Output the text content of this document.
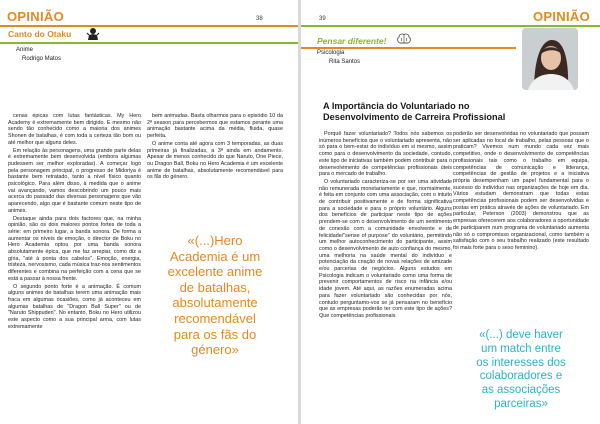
OPINIÃO	38
Canto do Otaku
Anime
Rodrigo Matos

cenas épicas com lutas fantásticas. My Hero Academy é extremamente bem dirigido. E mesmo não sendo tão conhecido como a maioria dos animes Shonen de batalhas, é com toda a certeza tão bom ou até melhor que alguns deles.

Em relação às personagens, uma grande parte delas é extremamente bem desenvolvida (embora algumas pudessem ser melhor exploradas). A começar logo pela personagem principal, o progresso de Midoriya é bastante bem retratado, tanto a nível físico quanto psicológico. Para além disso, à medida que o anime vai avançando, vamos descobrindo um pouco mais acerca do passado das diversas personagens que vão aparecendo, algo que é bastante comum neste tipo de animes.

Destaque ainda para dois factores que, na minha opinião, são os dois maiores pontos fortes de toda a série: em primeiro lugar, a banda sonora. De forma a aumentar os níveis de emoção, o director de Boku no Hero Academia optou por uma banda sonora absolutamente épica, que me faz arrepiar, como diz a gíria, "até à ponta dos cabelos". Emoção, energia, tristeza, nervosismo, cada música traz-nos sentimentos diferentes e combina na perfeição com a cena que se está a passar à nossa frente.

O segundo ponto forte é a animação. É comum alguns animes de batalhas terem uma animação mais fraca em algumas ocasiões, como já aconteceu em algumas batalhas de "Dragon Ball Super" ou de "Naruto Shippuden". No entanto, Boku no Hero utilizou este aspecto como a sua principal arma, com lutas extremamente

bem animadas. Basta olharmos para o episódio 10 da 2ª season para percebermos que estamos perante uma animação bastante acima da média, fluida, quase perfeita.

O anime conta até agora com 3 temporadas, as duas primeiras já finalizadas, a 3ª ainda em andamento. Apesar de menos conhecido do que Naruto, One Piece, ou Dragon Ball, Boku no Hero Academia é um excelente anime de batalhas, absolutamente recomendável para os fãs do género.

«(...)Hero
Academia é um
excelente anime
de batalhas,
absolutamente
recomendável
para os fãs do
género»
39	OPINIÃO
Pensar diferente!
Psicologia
Rita Santos
A Importância do Voluntariado no
Desenvolvimento de Carreira Profissional

Porquê fazer voluntariado? Todos nós sabemos os inúmeros benefícios que o voluntariado apresenta, não só para o bem-estar do indivíduo em si mesmo, assim como para o desenvolvimento da sociedade, contudo, este tipo de iniciativas também podem contribuir para o desenvolvimento de competências profissionais úteis para o mercado de trabalho.

O voluntariado caracteriza-se por ser uma atividade não remunerada monetariamente e que, normalmente, é feita em conjunto com uma associação, com o intuito de contribuir positivamente e de forma significativa para a sociedade e para o próprio voluntário. Alguns dos benefícios de participar neste tipo de ações prendem-se com o desenvolvimento de um sentimento de conexão com a comunidade envolvente e de felicidade/"sense of purpose" do voluntário, permitindo um melhor autoconhecimento do participante, assim como o desenvolvimento de auto confiança do mesmo, uma melhoria na saúde mental do indivíduo e potenciação da criação de novas relações de amizade e/ou parcerias de negócios. Alguns estudos em Psicologia indicam o voluntariado como uma forma de prevenir comportamentos de risco na infância e/ou idade jovem. Até aqui, as razões enumeradas acima para fazer voluntariado são conhecidas por nós, contudo perguntamo-vos se já pensaram no benefício que as empresas poderão ter com este tipo de ações? Que competências profissionais

poderão ser desenvolvidas no voluntariado que possam ser aplicadas no local de trabalho, pelas pessoas que o praticam? Vivemos num mundo cada vez mais competitivo, onde o desenvolvimento de competências profissionais tais como o trabalho em equipa, competências de comunicação e liderança, competências de gestão de projetos e a iniciativa própria desempenham um papel fundamental para o sucesso do indivíduo nas organizações de hoje em dia. Vários estudam demonstram que todas estas competências profissionais podem ser desenvolvidas e postas em prática através de ações de voluntariado. Em particular, Peterson (2003) demonstrou que as empresas oferecerem aos colaboradores a oportunidade de participarem num programa de voluntariado aumenta não só o compromisso organizacional, como também a satisfação com o seu trabalho realizado (este resultado foi mais forte para o sexo feminino).

«(...) deve haver
um match entre
os interesses dos
colaboradores e
as associações
parceiras»
